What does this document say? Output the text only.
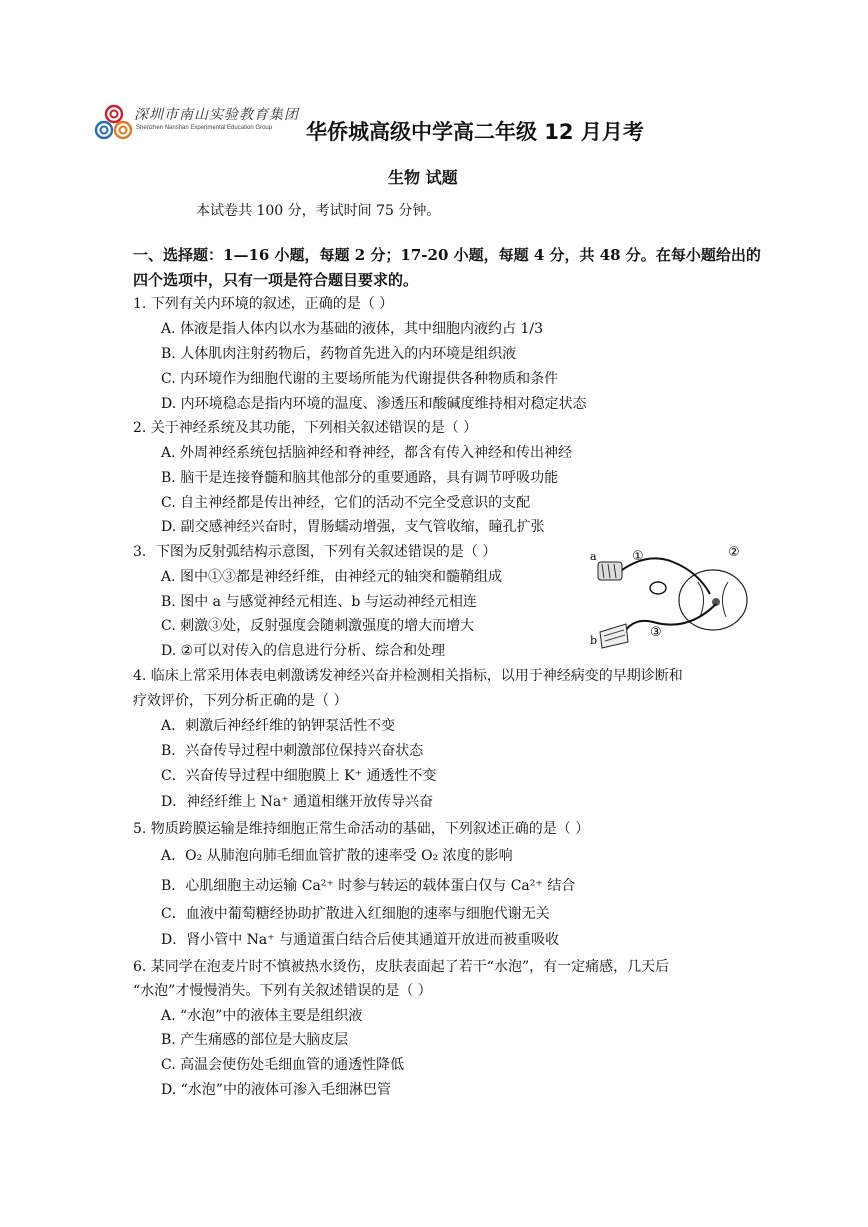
深圳市南山实验教育集团
Shenzhen Nanshan Experimental Education Group 华侨城高级中学高二年级 12 月月考
生物 试题
本试卷共 100 分，考试时间 75 分钟。
一、选择题：1—16 小题，每题 2 分；17-20 小题，每题 4 分，共 48 分。在每小题给出的
四个选项中，只有一项是符合题目要求的。
1. 下列有关内环境的叙述，正确的是（ ）
A. 体液是指人体内以水为基础的液体，其中细胞内液约占 1/3
B. 人体肌肉注射药物后，药物首先进入的内环境是组织液
C. 内环境作为细胞代谢的主要场所能为代谢提供各种物质和条件
D. 内环境稳态是指内环境的温度、渗透压和酸碱度维持相对稳定状态
2. 关于神经系统及其功能，下列相关叙述错误的是（ ）
A. 外周神经系统包括脑神经和脊神经，都含有传入神经和传出神经
B. 脑干是连接脊髓和脑其他部分的重要通路，具有调节呼吸功能
C. 自主神经都是传出神经，它们的活动不完全受意识的支配
D. 副交感神经兴奋时，胃肠蠕动增强，支气管收缩，瞳孔扩张
3．下图为反射弧结构示意图，下列有关叙述错误的是（ ）
A. 图中①③都是神经纤维，由神经元的轴突和髓鞘组成
B. 图中 a 与感觉神经元相连、b 与运动神经元相连
C. 刺激③处，反射强度会随刺激强度的增大而增大
D. ②可以对传入的信息进行分析、综合和处理
a
b
①	②
③
4. 临床上常采用体表电刺激诱发神经兴奋并检测相关指标，以用于神经病变的早期诊断和
疗效评价，下列分析正确的是（ ）
A．刺激后神经纤维的钠钾泵活性不变
B．兴奋传导过程中刺激部位保持兴奋状态
C．兴奋传导过程中细胞膜上 K⁺ 通透性不变
D．神经纤维上 Na⁺ 通道相继开放传导兴奋
5. 物质跨膜运输是维持细胞正常生命活动的基础，下列叙述正确的是（ ）
A．O₂ 从肺泡向肺毛细血管扩散的速率受 O₂ 浓度的影响
B．心肌细胞主动运输 Ca²⁺ 时参与转运的载体蛋白仅与 Ca²⁺ 结合
C．血液中葡萄糖经协助扩散进入红细胞的速率与细胞代谢无关
D．肾小管中 Na⁺ 与通道蛋白结合后使其通道开放进而被重吸收
6. 某同学在泡麦片时不慎被热水烫伤，皮肤表面起了若干“水泡”，有一定痛感，几天后
“水泡”才慢慢消失。下列有关叙述错误的是（ ）
A. “水泡”中的液体主要是组织液
B. 产生痛感的部位是大脑皮层
C. 高温会使伤处毛细血管的通透性降低
D. “水泡”中的液体可渗入毛细淋巴管
